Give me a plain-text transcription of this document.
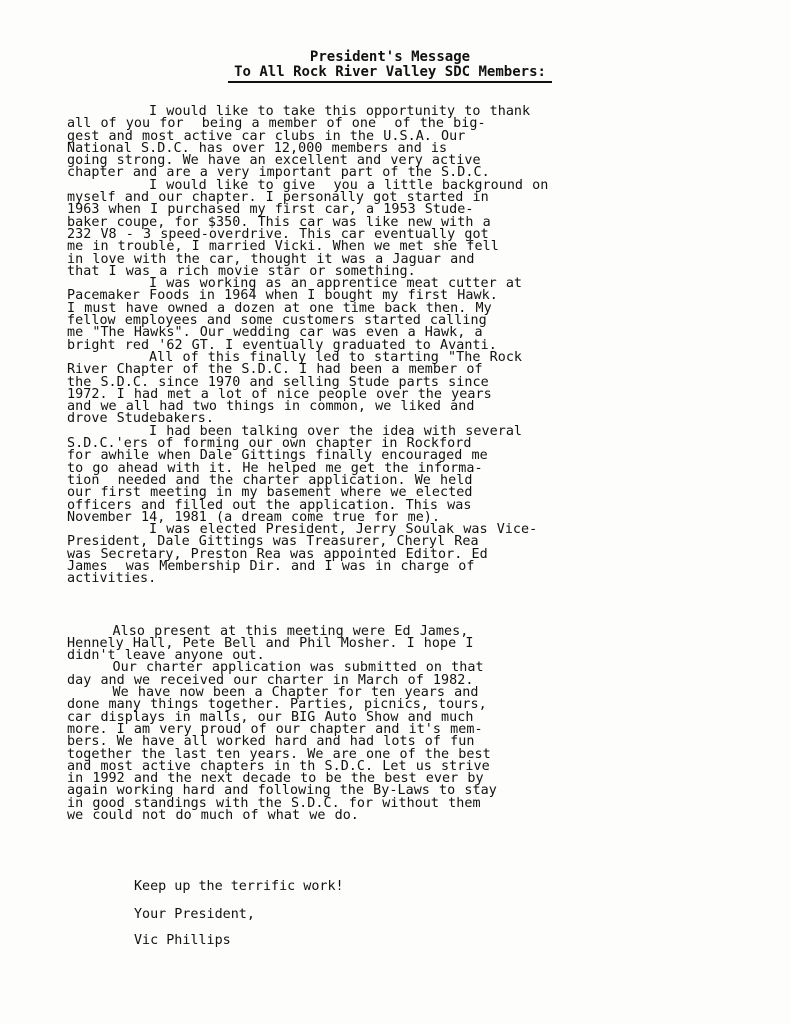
President's Message
To All Rock River Valley SDC Members:
I would like to take this opportunity to thank
all of you for  being a member of one  of the big-
gest and most active car clubs in the U.S.A. Our
National S.D.C. has over 12,000 members and is
going strong. We have an excellent and very active
chapter and are a very important part of the S.D.C.
I would like to give  you a little background on
myself and our chapter. I personally got started in
1963 when I purchased my first car, a 1953 Stude-
baker coupe, for $350. This car was like new with a
232 V8 - 3 speed-overdrive. This car eventually got
me in trouble, I married Vicki. When we met she fell
in love with the car, thought it was a Jaguar and
that I was a rich movie star or something.
I was working as an apprentice meat cutter at
Pacemaker Foods in 1964 when I bought my first Hawk.
I must have owned a dozen at one time back then. My
fellow employees and some customers started calling
me "The Hawks". Our wedding car was even a Hawk, a
bright red '62 GT. I eventually graduated to Avanti.
All of this finally led to starting "The Rock
River Chapter of the S.D.C. I had been a member of
the S.D.C. since 1970 and selling Stude parts since
1972. I had met a lot of nice people over the years
and we all had two things in common, we liked and
drove Studebakers.
I had been talking over the idea with several
S.D.C.'ers of forming our own chapter in Rockford
for awhile when Dale Gittings finally encouraged me
to go ahead with it. He helped me get the informa-
tion  needed and the charter application. We held
our first meeting in my basement where we elected
officers and filled out the application. This was
November 14, 1981 (a dream come true for me).
I was elected President, Jerry Soulak was Vice-
President, Dale Gittings was Treasurer, Cheryl Rea
was Secretary, Preston Rea was appointed Editor. Ed
James  was Membership Dir. and I was in charge of
activities.
Also present at this meeting were Ed James,
Hennely Hall, Pete Bell and Phil Mosher. I hope I
didn't leave anyone out.
Our charter application was submitted on that
day and we received our charter in March of 1982.
We have now been a Chapter for ten years and
done many things together. Parties, picnics, tours,
car displays in malls, our BIG Auto Show and much
more. I am very proud of our chapter and it's mem-
bers. We have all worked hard and had lots of fun
together the last ten years. We are one of the best
and most active chapters in th S.D.C. Let us strive
in 1992 and the next decade to be the best ever by
again working hard and following the By-Laws to stay
in good standings with the S.D.C. for without them
we could not do much of what we do.
Keep up the terrific work!
Your President,
Vic Phillips
